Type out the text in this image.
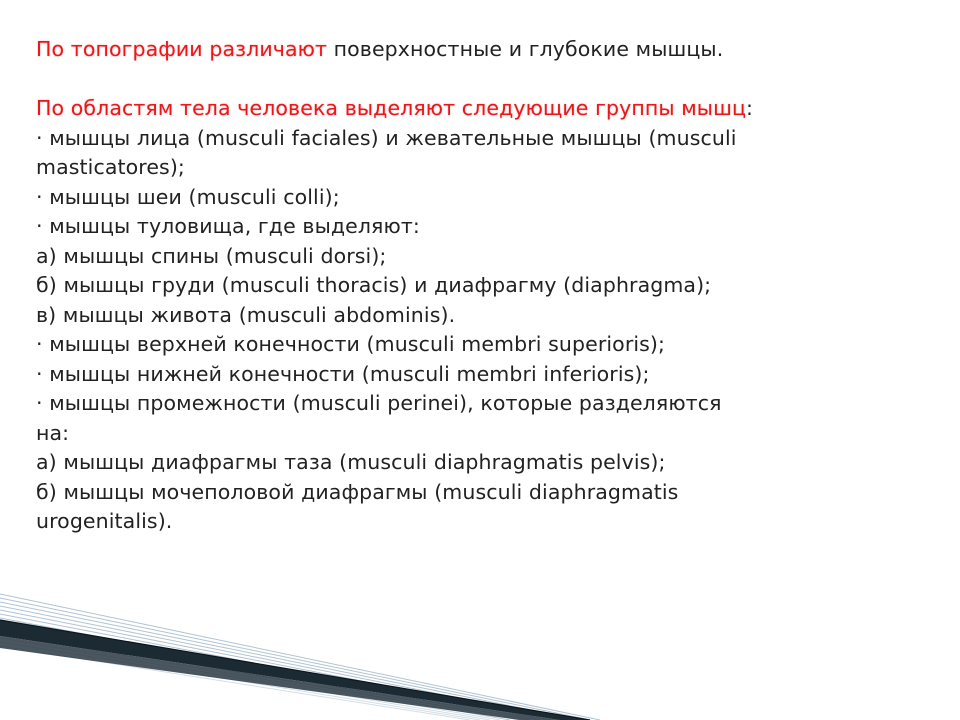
По топографии различают поверхностные и глубокие мышцы.

По областям тела человека выделяют следующие группы мышц:

· мышцы лица (musculi faciales) и жевательные мышцы (musculi

masticatores);

· мышцы шеи (musculi colli);

· мышцы туловища, где выделяют:

а) мышцы спины (musculi dorsi);

б) мышцы груди (musculi thoracis) и диафрагму (diaphragma);

в) мышцы живота (musculi abdominis).

· мышцы верхней конечности (musculi membri superioris);

· мышцы нижней конечности (musculi membri inferioris);

· мышцы промежности (musculi perinei), которые разделяются

на:

а) мышцы диафрагмы таза (musculi diaphragmatis pelvis);

б) мышцы мочеполовой диафрагмы (musculi diaphragmatis

urogenitalis).
